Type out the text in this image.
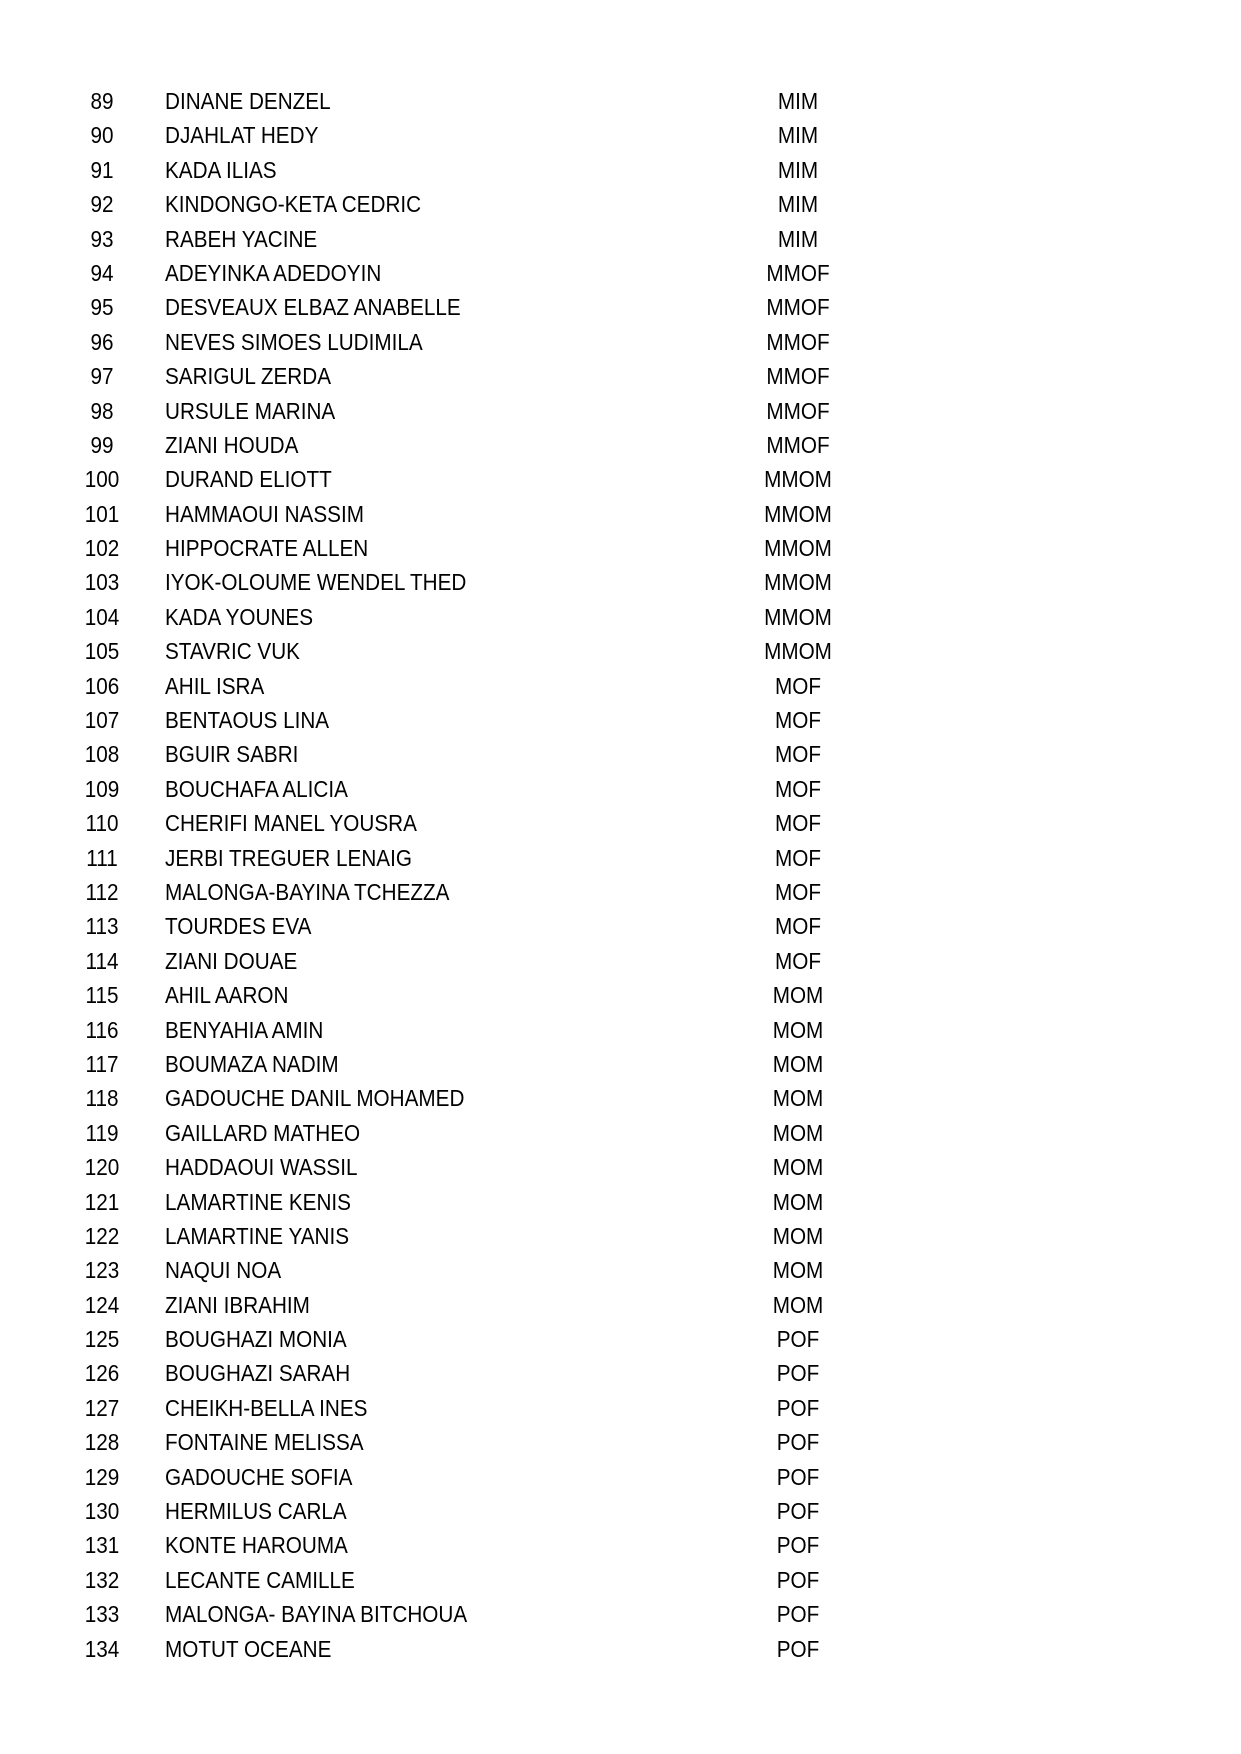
89	DINANE DENZEL	MIM
90	DJAHLAT HEDY	MIM
91	KADA ILIAS	MIM
92	KINDONGO-KETA CEDRIC	MIM
93	RABEH YACINE	MIM
94	ADEYINKA ADEDOYIN	MMOF
95	DESVEAUX ELBAZ ANABELLE	MMOF
96	NEVES SIMOES LUDIMILA	MMOF
97	SARIGUL ZERDA	MMOF
98	URSULE MARINA	MMOF
99	ZIANI HOUDA	MMOF
100	DURAND ELIOTT	MMOM
101	HAMMAOUI NASSIM	MMOM
102	HIPPOCRATE ALLEN	MMOM
103	IYOK-OLOUME WENDEL THED	MMOM
104	KADA YOUNES	MMOM
105	STAVRIC VUK	MMOM
106	AHIL ISRA	MOF
107	BENTAOUS LINA	MOF
108	BGUIR SABRI	MOF
109	BOUCHAFA ALICIA	MOF
110	CHERIFI MANEL YOUSRA	MOF
111	JERBI TREGUER LENAIG	MOF
112	MALONGA-BAYINA TCHEZZA	MOF
113	TOURDES EVA	MOF
114	ZIANI DOUAE	MOF
115	AHIL AARON	MOM
116	BENYAHIA AMIN	MOM
117	BOUMAZA NADIM	MOM
118	GADOUCHE DANIL MOHAMED	MOM
119	GAILLARD MATHEO	MOM
120	HADDAOUI WASSIL	MOM
121	LAMARTINE KENIS	MOM
122	LAMARTINE YANIS	MOM
123	NAQUI NOA	MOM
124	ZIANI IBRAHIM	MOM
125	BOUGHAZI MONIA	POF
126	BOUGHAZI SARAH	POF
127	CHEIKH-BELLA INES	POF
128	FONTAINE MELISSA	POF
129	GADOUCHE SOFIA	POF
130	HERMILUS CARLA	POF
131	KONTE HAROUMA	POF
132	LECANTE CAMILLE	POF
133	MALONGA- BAYINA BITCHOUA	POF
134	MOTUT OCEANE	POF
